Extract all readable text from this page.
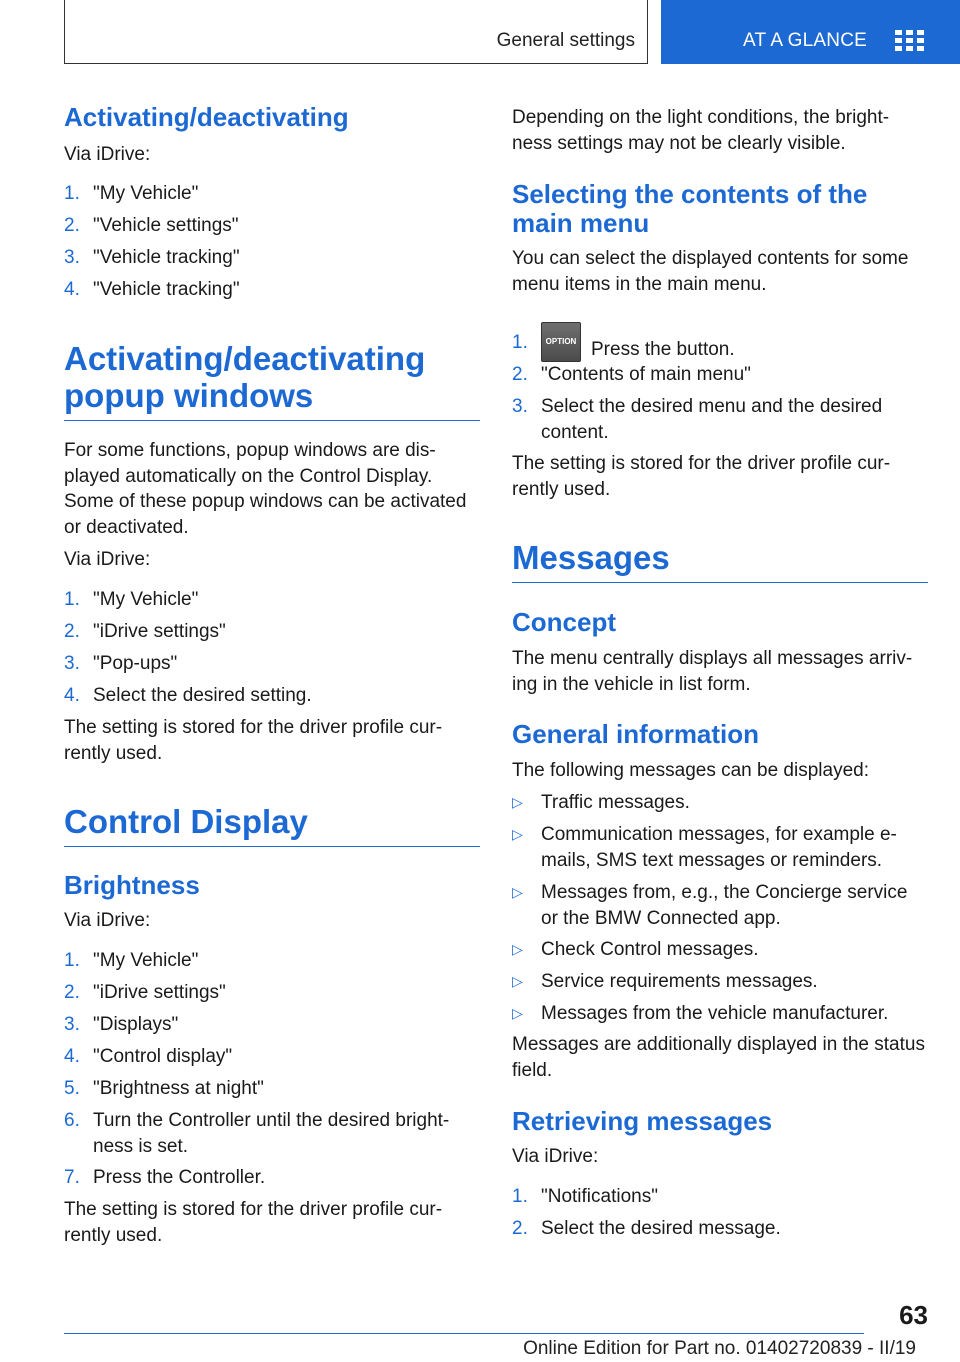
General settings	AT A GLANCE
Activating/deactivating
Via iDrive:
1. "My Vehicle"
2. "Vehicle settings"
3. "Vehicle tracking"
4. "Vehicle tracking"
Activating/deactivating popup windows
For some functions, popup windows are dis‐ played automatically on the Control Display. Some of these popup windows can be activated or deactivated.
Via iDrive:
1. "My Vehicle"
2. "iDrive settings"
3. "Pop-ups"
4. Select the desired setting.
The setting is stored for the driver profile cur‐ rently used.
Control Display
Brightness
Via iDrive:
1. "My Vehicle"
2. "iDrive settings"
3. "Displays"
4. "Control display"
5. "Brightness at night"
6. Turn the Controller until the desired bright‐ ness is set.
7. Press the Controller.
The setting is stored for the driver profile cur‐ rently used.
Depending on the light conditions, the bright‐ ness settings may not be clearly visible.
Selecting the contents of the main menu
You can select the displayed contents for some menu items in the main menu.
1.	OPTION Press the button.
2. "Contents of main menu"
3. Select the desired menu and the desired content.
The setting is stored for the driver profile cur‐ rently used.
Messages
Concept
The menu centrally displays all messages arriv‐ ing in the vehicle in list form.
General information
The following messages can be displayed:
▷ Traffic messages.
▷ Communication messages, for example e- mails, SMS text messages or reminders.
▷ Messages from, e.g., the Concierge service or the BMW Connected app.
▷ Check Control messages.
▷ Service requirements messages.
▷ Messages from the vehicle manufacturer.
Messages are additionally displayed in the status field.
Retrieving messages
Via iDrive:
1. "Notifications"
2. Select the desired message.
63
Online Edition for Part no. 01402720839 - II/19
